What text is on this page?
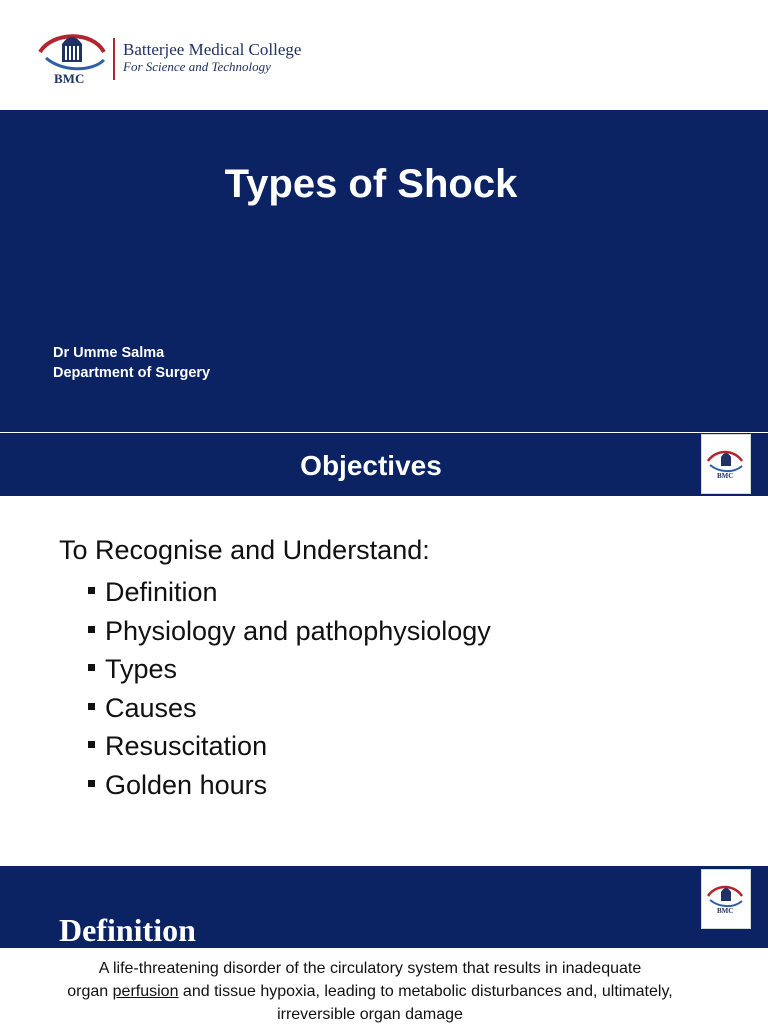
BMC
Batterjee Medical College
For Science and Technology
Types of Shock
Dr Umme Salma
Department of Surgery
Objectives	BMC
To Recognise and Understand:
Definition
Physiology and pathophysiology
Types
Causes
Resuscitation
Golden hours
BMC
Definition
A life-threatening disorder of the circulatory system that results in inadequate
organ perfusion and tissue hypoxia, leading to metabolic disturbances and, ultimately,
irreversible organ damage
